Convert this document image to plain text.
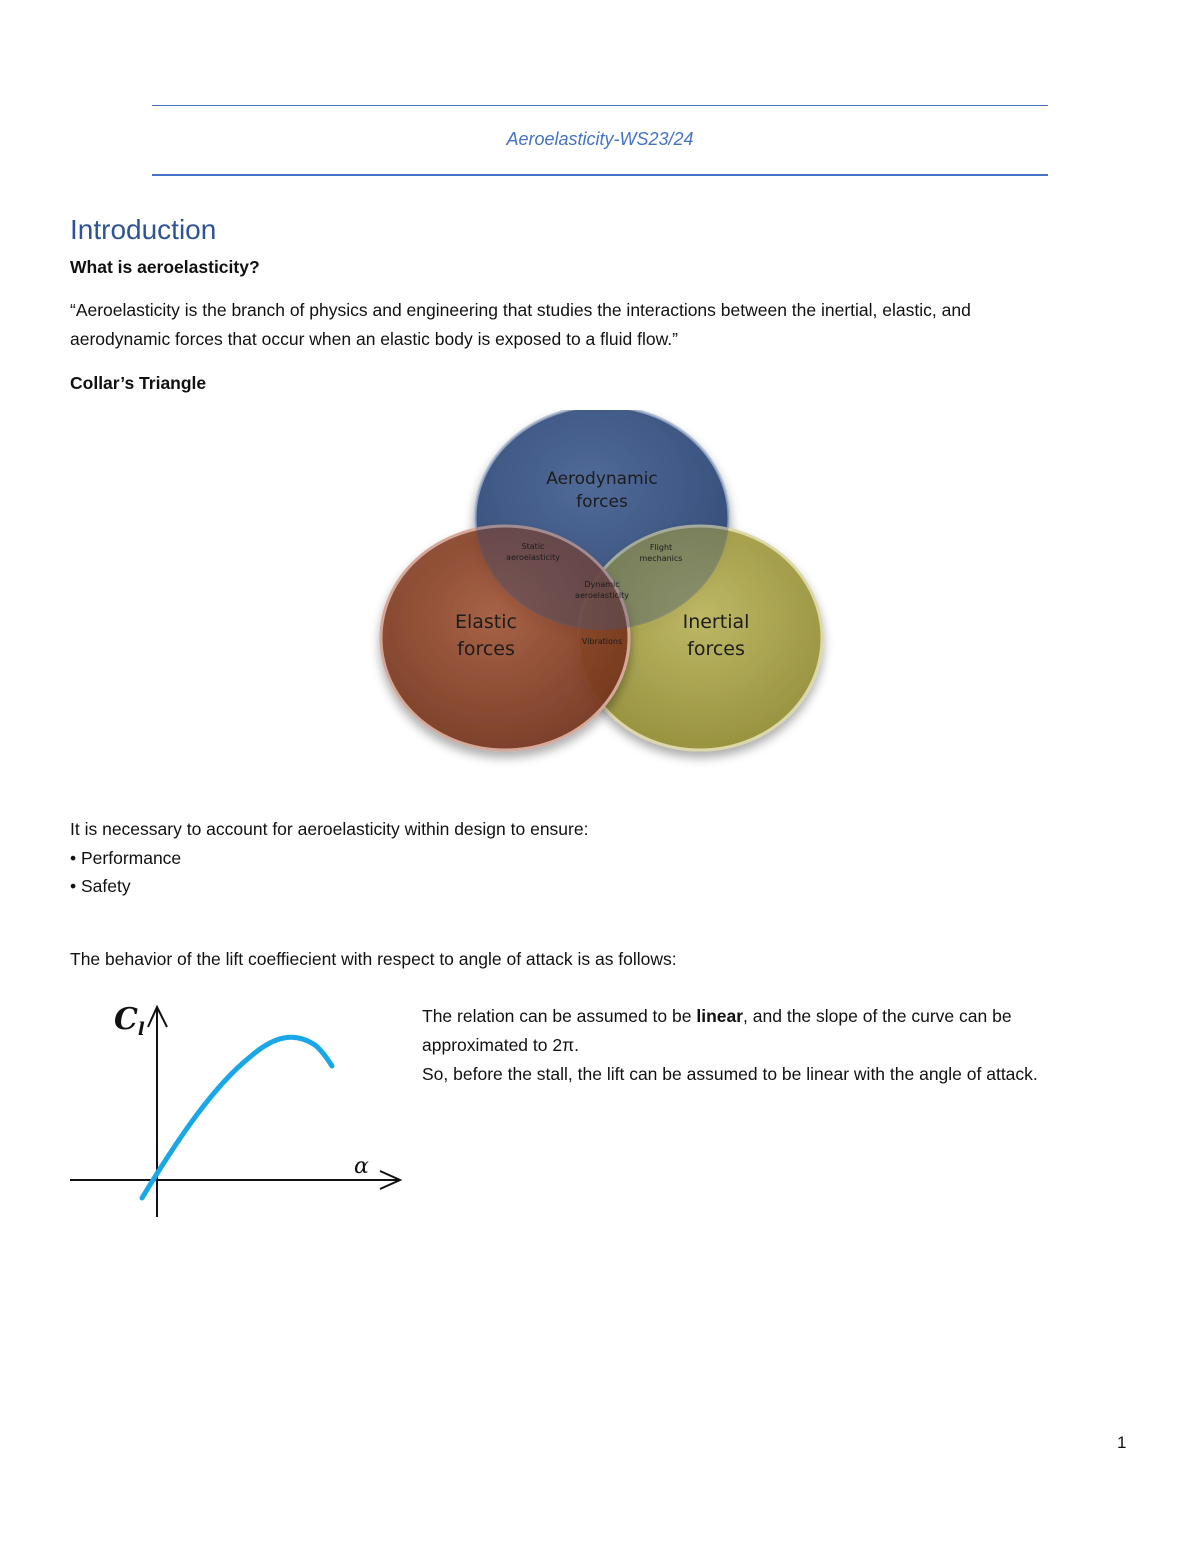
Aeroelasticity-WS23/24
Introduction
What is aeroelasticity?
“Aeroelasticity is the branch of physics and engineering that studies the interactions between the inertial, elastic, and
aerodynamic forces that occur when an elastic body is exposed to a fluid flow.”
Collar’s Triangle
Aerodynamic
forces
Elastic
forces
Inertial
forces
Static
aeroelasticity
Flight
mechanics
Dynamic
aeroelasticity
Vibrations
It is necessary to account for aeroelasticity within design to ensure:
• Performance
• Safety
The behavior of the lift coeffiecient with respect to angle of attack is as follows:
$C_l$
α
The relation can be assumed to be linear, and the slope of the curve can be
approximated to 2π.
So, before the stall, the lift can be assumed to be linear with the angle of attack.
1
